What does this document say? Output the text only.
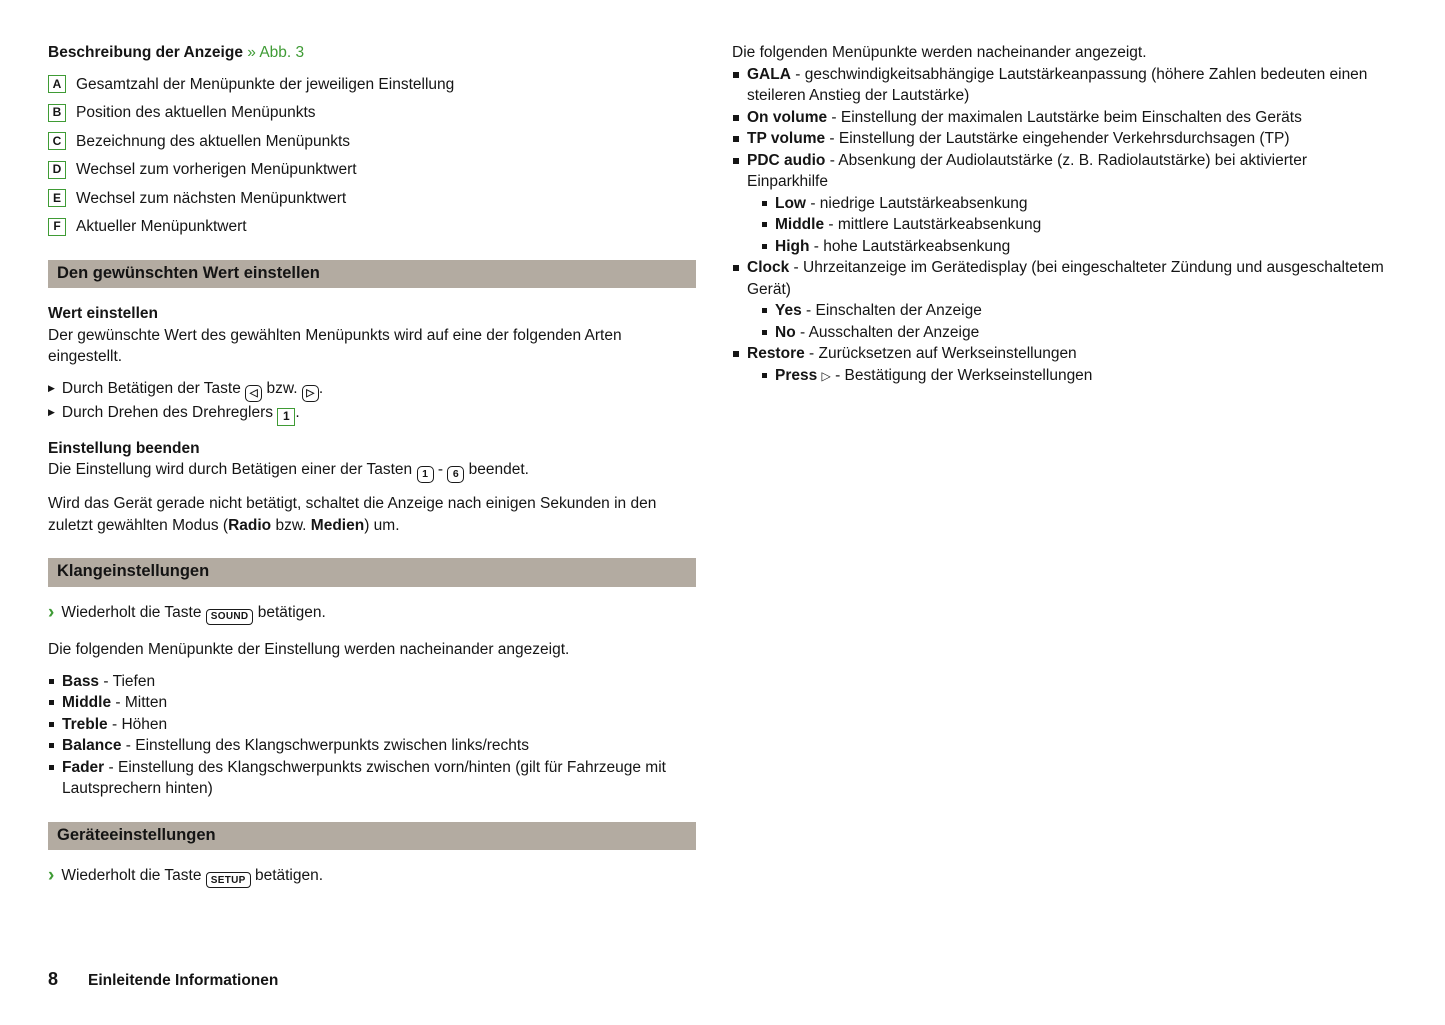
Beschreibung der Anzeige » Abb. 3
A Gesamtzahl der Menüpunkte der jeweiligen Einstellung
B Position des aktuellen Menüpunkts
C Bezeichnung des aktuellen Menüpunkts
D Wechsel zum vorherigen Menüpunktwert
E Wechsel zum nächsten Menüpunktwert
F Aktueller Menüpunktwert
Den gewünschten Wert einstellen
Wert einstellen
Der gewünschte Wert des gewählten Menüpunkts wird auf eine der folgenden Arten eingestellt.
▶ Durch Betätigen der Taste ◁ bzw. ▷ .
▶ Durch Drehen des Drehreglers 1 .
Einstellung beenden
Die Einstellung wird durch Betätigen einer der Tasten 1 - 6 beendet.
Wird das Gerät gerade nicht betätigt, schaltet die Anzeige nach einigen Sekunden in den zuletzt gewählten Modus (Radio bzw. Medien) um.
Klangeinstellungen
› Wiederholt die Taste SOUND betätigen.
Die folgenden Menüpunkte der Einstellung werden nacheinander angezeigt.
Bass - Tiefen
Middle - Mitten
Treble - Höhen
Balance - Einstellung des Klangschwerpunkts zwischen links/rechts
Fader - Einstellung des Klangschwerpunkts zwischen vorn/hinten (gilt für Fahrzeuge mit Lautsprechern hinten)
Geräteeinstellungen
› Wiederholt die Taste SETUP betätigen.
Die folgenden Menüpunkte werden nacheinander angezeigt.
GALA - geschwindigkeitsabhängige Lautstärkeanpassung (höhere Zahlen bedeuten einen steileren Anstieg der Lautstärke)
On volume - Einstellung der maximalen Lautstärke beim Einschalten des Geräts
TP volume - Einstellung der Lautstärke eingehender Verkehrsdurchsagen (TP)
PDC audio - Absenkung der Audiolautstärke (z. B. Radiolautstärke) bei aktivierter Einparkhilfe
Low - niedrige Lautstärkeabsenkung
Middle - mittlere Lautstärkeabsenkung
High - hohe Lautstärkeabsenkung
Clock - Uhrzeitanzeige im Gerätedisplay (bei eingeschalteter Zündung und ausgeschaltetem Gerät)
Yes - Einschalten der Anzeige
No - Ausschalten der Anzeige
Restore - Zurücksetzen auf Werkseinstellungen
Press ▷ - Bestätigung der Werkseinstellungen
8 Einleitende Informationen
